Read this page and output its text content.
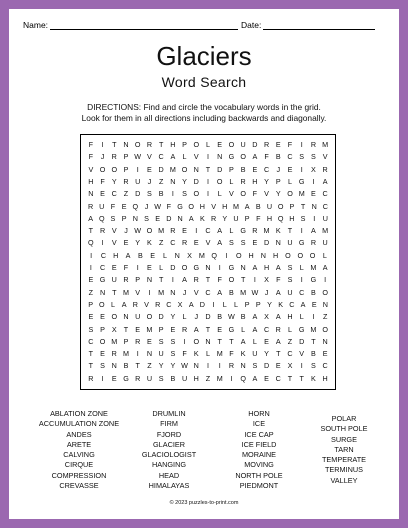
Name:	Date:
Glaciers
Word Search
DIRECTIONS: Find and circle the vocabulary words in the grid.
Look for them in all directions including backwards and diagonally.
F	I	T N O R T H P O L	E O U D R E F	I	R M
F	J	R P W V C A	L	V	I	N G O A F B C S S V
V O O P	I	E D M O N T D P B E C	J	E	I	X R
H F Y R U	J	Z N Y D	I	O L R H Y P	L G	I	A
N E C Z D S B	I	S O	I	L	V O F V Y O M E C
R U F E Q J W F G O H V H M A B U O P T N C
A Q S P N S E D N A K R Y U P F H Q H S	I	U
T R V	J W O M R E	I	C A	L G R M K T	I	A M
Q	I	V E Y K Z C R E V A S S E D N U G R U
I	C H	A	B	E	L	N	X M Q	I	O H N H O O O	L
I	C E F	I	E	L D O G N	I	G N A H A S	L M A
E G U R P N T	I	A R T	F O T	I	X F S	I	G	I
Z N T M V	I	M N	J	V C A B M W J	A U C B O
P O L A R V R C X A D	I	L L P P Y K C A E N
E E O N U O D Y	L	J	D B W B A X A H L	I	Z
S P X T E M P E R A T E G L	A C R L G M O
C O M P R E S S	I	O N T	T A	L	E A Z D T N
T E R M	I	N U S F K	L M F K U Y T C V B E
T S N B T	Z Y Y W N	I	I	R N S D E X	I	S C
R	I	E G R U S B U H Z M	I	Q A E C T	T K H
ABLATION ZONE
ACCUMULATION ZONE
ANDES
ARETE
CALVING
CIRQUE
COMPRESSION
CREVASSE
DRUMLIN
FIRM
FJORD
GLACIER
GLACIOLOGIST
HANGING
HEAD
HIMALAYAS
HORN
ICE
ICE CAP
ICE FIELD
MORAINE
MOVING
NORTH POLE
PIEDMONT
POLAR
SOUTH POLE
SURGE
TARN
TEMPERATE
TERMINUS
VALLEY
© 2023 puzzles-to-print.com
